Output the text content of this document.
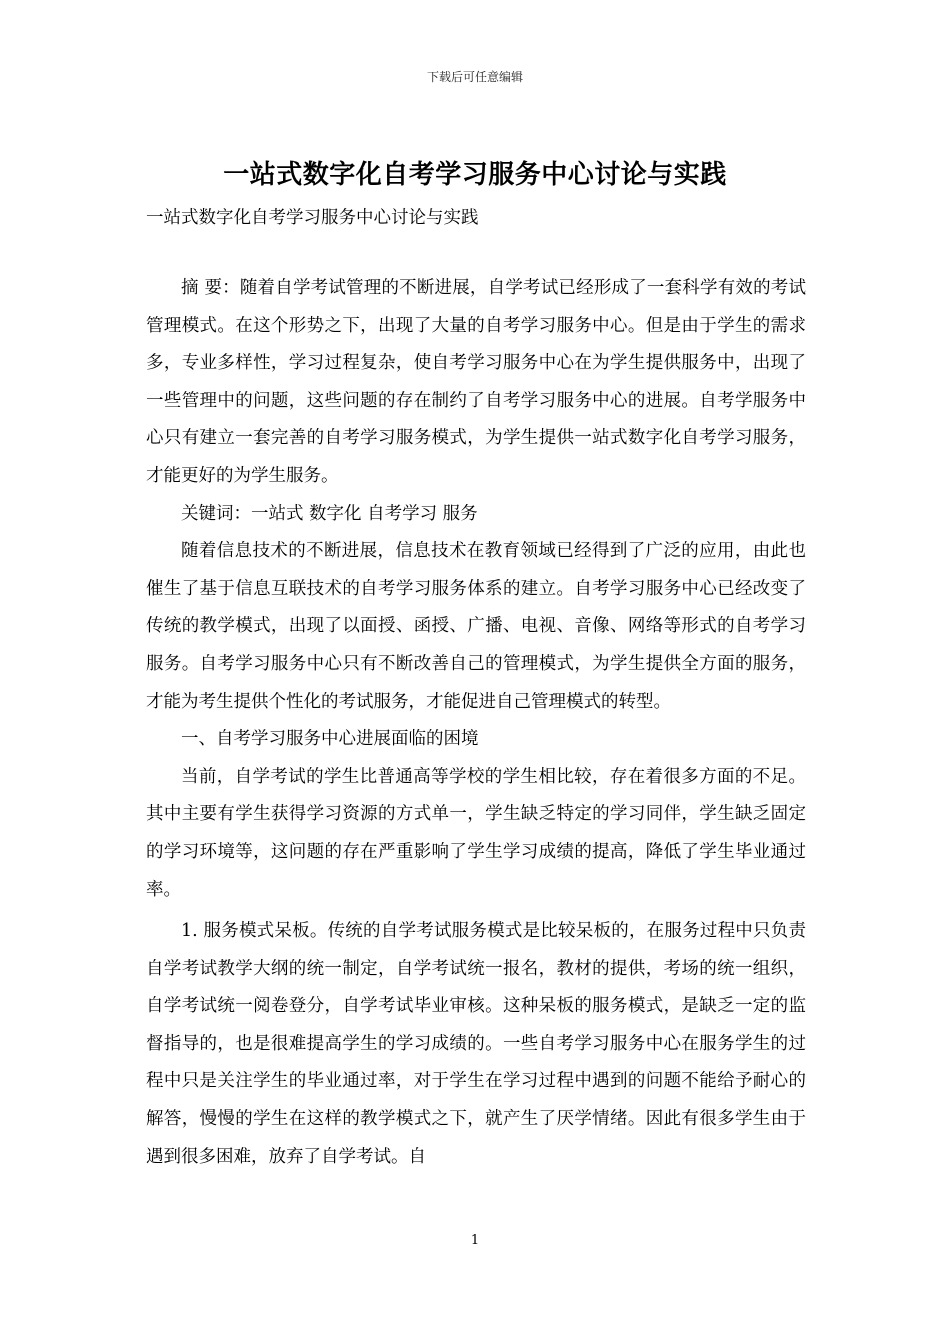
下载后可任意编辑
一站式数字化自考学习服务中心讨论与实践

一站式数字化自考学习服务中心讨论与实践

摘 要：随着自学考试管理的不断进展，自学考试已经形成了一套科学有效的考试管理模式。在这个形势之下，出现了大量的自考学习服务中心。但是由于学生的需求多，专业多样性，学习过程复杂，使自考学习服务中心在为学生提供服务中，出现了一些管理中的问题，这些问题的存在制约了自考学习服务中心的进展。自考学服务中心只有建立一套完善的自考学习服务模式，为学生提供一站式数字化自考学习服务，才能更好的为学生服务。

关键词：一站式 数字化 自考学习 服务

随着信息技术的不断进展，信息技术在教育领域已经得到了广泛的应用，由此也催生了基于信息互联技术的自考学习服务体系的建立。自考学习服务中心已经改变了传统的教学模式，出现了以面授、函授、广播、电视、音像、网络等形式的自考学习服务。自考学习服务中心只有不断改善自己的管理模式，为学生提供全方面的服务，才能为考生提供个性化的考试服务，才能促进自己管理模式的转型。

一、自考学习服务中心进展面临的困境

当前，自学考试的学生比普通高等学校的学生相比较，存在着很多方面的不足。其中主要有学生获得学习资源的方式单一，学生缺乏特定的学习同伴，学生缺乏固定的学习环境等，这问题的存在严重影响了学生学习成绩的提高，降低了学生毕业通过率。

1. 服务模式呆板。传统的自学考试服务模式是比较呆板的，在服务过程中只负责自学考试教学大纲的统一制定，自学考试统一报名，教材的提供，考场的统一组织，自学考试统一阅卷登分，自学考试毕业审核。这种呆板的服务模式，是缺乏一定的监督指导的，也是很难提高学生的学习成绩的。一些自考学习服务中心在服务学生的过程中只是关注学生的毕业通过率，对于学生在学习过程中遇到的问题不能给予耐心的解答，慢慢的学生在这样的教学模式之下，就产生了厌学情绪。因此有很多学生由于遇到很多困难，放弃了自学考试。自

1
